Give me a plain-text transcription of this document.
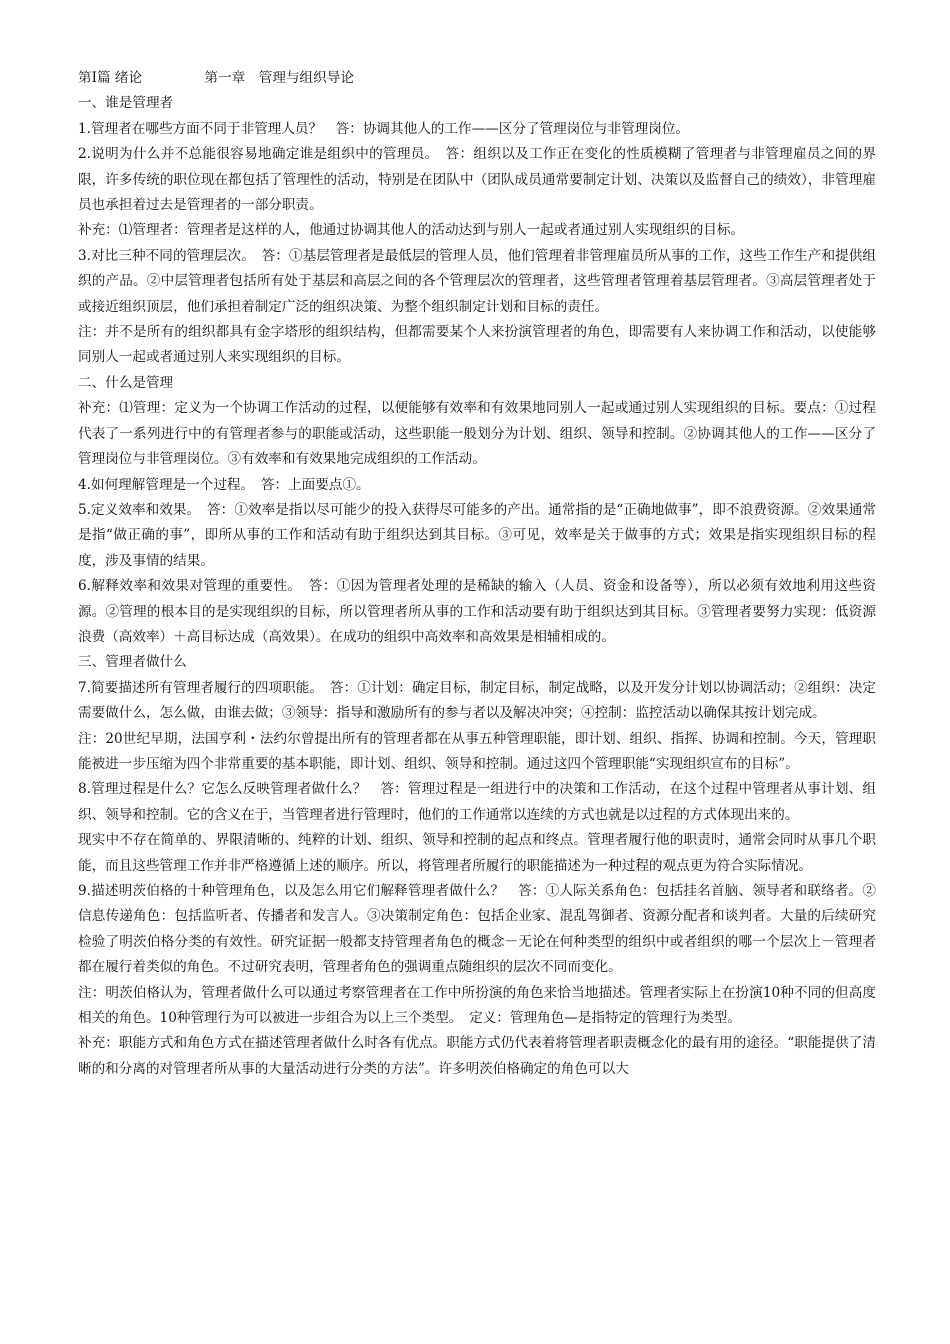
第Ⅰ篇 绪论	第一章　管理与组织导论
一、谁是管理者

1.管理者在哪些方面不同于非管理人员？　答：协调其他人的工作——区分了管理岗位与非管理岗位。

2.说明为什么并不总能很容易地确定谁是组织中的管理员。　答：组织以及工作正在变化的性质模糊了管理者与非管理雇员之间的界限，许多传统的职位现在都包括了管理性的活动，特别是在团队中（团队成员通常要制定计划、决策以及监督自己的绩效），非管理雇员也承担着过去是管理者的一部分职责。

补充：⑴管理者：管理者是这样的人，他通过协调其他人的活动达到与别人一起或者通过别人实现组织的目标。

3.对比三种不同的管理层次。　答：①基层管理者是最低层的管理人员，他们管理着非管理雇员所从事的工作，这些工作生产和提供组织的产品。②中层管理者包括所有处于基层和高层之间的各个管理层次的管理者，这些管理者管理着基层管理者。③高层管理者处于或接近组织顶层，他们承担着制定广泛的组织决策、为整个组织制定计划和目标的责任。

注：并不是所有的组织都具有金字塔形的组织结构，但都需要某个人来扮演管理者的角色，即需要有人来协调工作和活动，以使能够同别人一起或者通过别人来实现组织的目标。

二、什么是管理

补充：⑴管理：定义为一个协调工作活动的过程，以便能够有效率和有效果地同别人一起或通过别人实现组织的目标。要点：①过程代表了一系列进行中的有管理者参与的职能或活动，这些职能一般划分为计划、组织、领导和控制。②协调其他人的工作——区分了管理岗位与非管理岗位。③有效率和有效果地完成组织的工作活动。

4.如何理解管理是一个过程。　答：上面要点①。

5.定义效率和效果。　答：①效率是指以尽可能少的投入获得尽可能多的产出。通常指的是“正确地做事”，即不浪费资源。②效果通常是指“做正确的事”，即所从事的工作和活动有助于组织达到其目标。③可见，效率是关于做事的方式；效果是指实现组织目标的程度，涉及事情的结果。

6.解释效率和效果对管理的重要性。　答：①因为管理者处理的是稀缺的输入（人员、资金和设备等），所以必须有效地利用这些资源。②管理的根本目的是实现组织的目标，所以管理者所从事的工作和活动要有助于组织达到其目标。③管理者要努力实现：低资源浪费（高效率）＋高目标达成（高效果）。在成功的组织中高效率和高效果是相辅相成的。

三、管理者做什么

7.简要描述所有管理者履行的四项职能。　答：①计划：确定目标，制定目标，制定战略，以及开发分计划以协调活动；②组织：决定需要做什么，怎么做，由谁去做；③领导：指导和激励所有的参与者以及解决冲突；④控制：监控活动以确保其按计划完成。

注：20世纪早期，法国亨利・法约尔曾提出所有的管理者都在从事五种管理职能，即计划、组织、指挥、协调和控制。今天，管理职能被进一步压缩为四个非常重要的基本职能，即计划、组织、领导和控制。通过这四个管理职能“实现组织宣布的目标”。

8.管理过程是什么？它怎么反映管理者做什么？　答：管理过程是一组进行中的决策和工作活动，在这个过程中管理者从事计划、组织、领导和控制。它的含义在于，当管理者进行管理时，他们的工作通常以连续的方式也就是以过程的方式体现出来的。

现实中不存在简单的、界限清晰的、纯粹的计划、组织、领导和控制的起点和终点。管理者履行他的职责时，通常会同时从事几个职能，而且这些管理工作并非严格遵循上述的顺序。所以，将管理者所履行的职能描述为一种过程的观点更为符合实际情况。

9.描述明茨伯格的十种管理角色，以及怎么用它们解释管理者做什么？　答：①人际关系角色：包括挂名首脑、领导者和联络者。②信息传递角色：包括监听者、传播者和发言人。③决策制定角色：包括企业家、混乱驾御者、资源分配者和谈判者。大量的后续研究检验了明茨伯格分类的有效性。研究证据一般都支持管理者角色的概念－无论在何种类型的组织中或者组织的哪一个层次上－管理者都在履行着类似的角色。不过研究表明，管理者角色的强调重点随组织的层次不同而变化。

注：明茨伯格认为，管理者做什么可以通过考察管理者在工作中所扮演的角色来恰当地描述。管理者实际上在扮演10种不同的但高度相关的角色。10种管理行为可以被进一步组合为以上三个类型。　定义：管理角色—是指特定的管理行为类型。

补充：职能方式和角色方式在描述管理者做什么时各有优点。职能方式仍代表着将管理者职责概念化的最有用的途径。“职能提供了清晰的和分离的对管理者所从事的大量活动进行分类的方法”。许多明茨伯格确定的角色可以大
